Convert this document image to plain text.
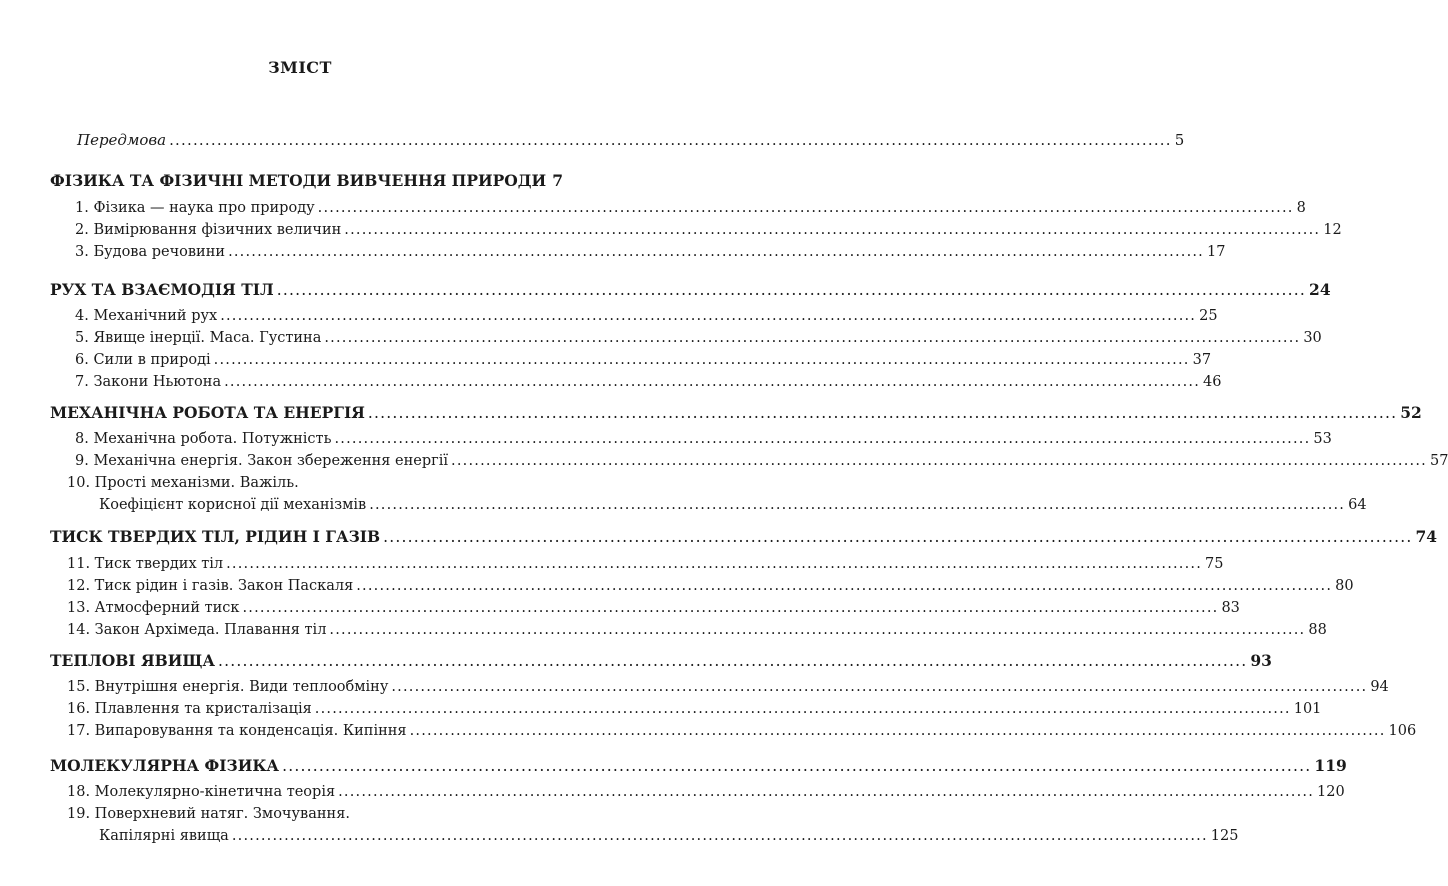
ЗМІСТ
Передмова .....	5
ФІЗИКА ТА ФІЗИЧНІ МЕТОДИ ВИВЧЕННЯ ПРИРОДИ 7
1. Фізика — наука про природу .....	8
2. Вимірювання фізичних величин .....	12
3. Будова речовини .....	17
РУХ ТА ВЗАЄМОДІЯ ТІЛ .....	24
4. Механічний рух .....	25
5. Явище інерції. Маса. Густина .....	30
6. Сили в природі .....	37
7. Закони Ньютона .....	46
МЕХАНІЧНА РОБОТА ТА ЕНЕРГІЯ .....	52
8. Механічна робота. Потужність .....	53
9. Механічна енергія. Закон збереження енергії .....	57
10. Прості механізми. Важіль.
Коефіцієнт корисної дії механізмів .....	64
ТИСК ТВЕРДИХ ТІЛ, РІДИН І ГАЗІВ .....	74
11. Тиск твердих тіл .....	75
12. Тиск рідин і газів. Закон Паскаля .....	80
13. Атмосферний тиск .....	83
14. Закон Архімеда. Плавання тіл .....	88
ТЕПЛОВІ ЯВИЩА .....	93
15. Внутрішня енергія. Види теплообміну .....	94
16. Плавлення та кристалізація .....	101
17. Випаровування та конденсація. Кипіння .....	106
МОЛЕКУЛЯРНА ФІЗИКА .....	119
18. Молекулярно-кінетична теорія .....	120
19. Поверхневий натяг. Змочування.
Капілярні явища .....	125
